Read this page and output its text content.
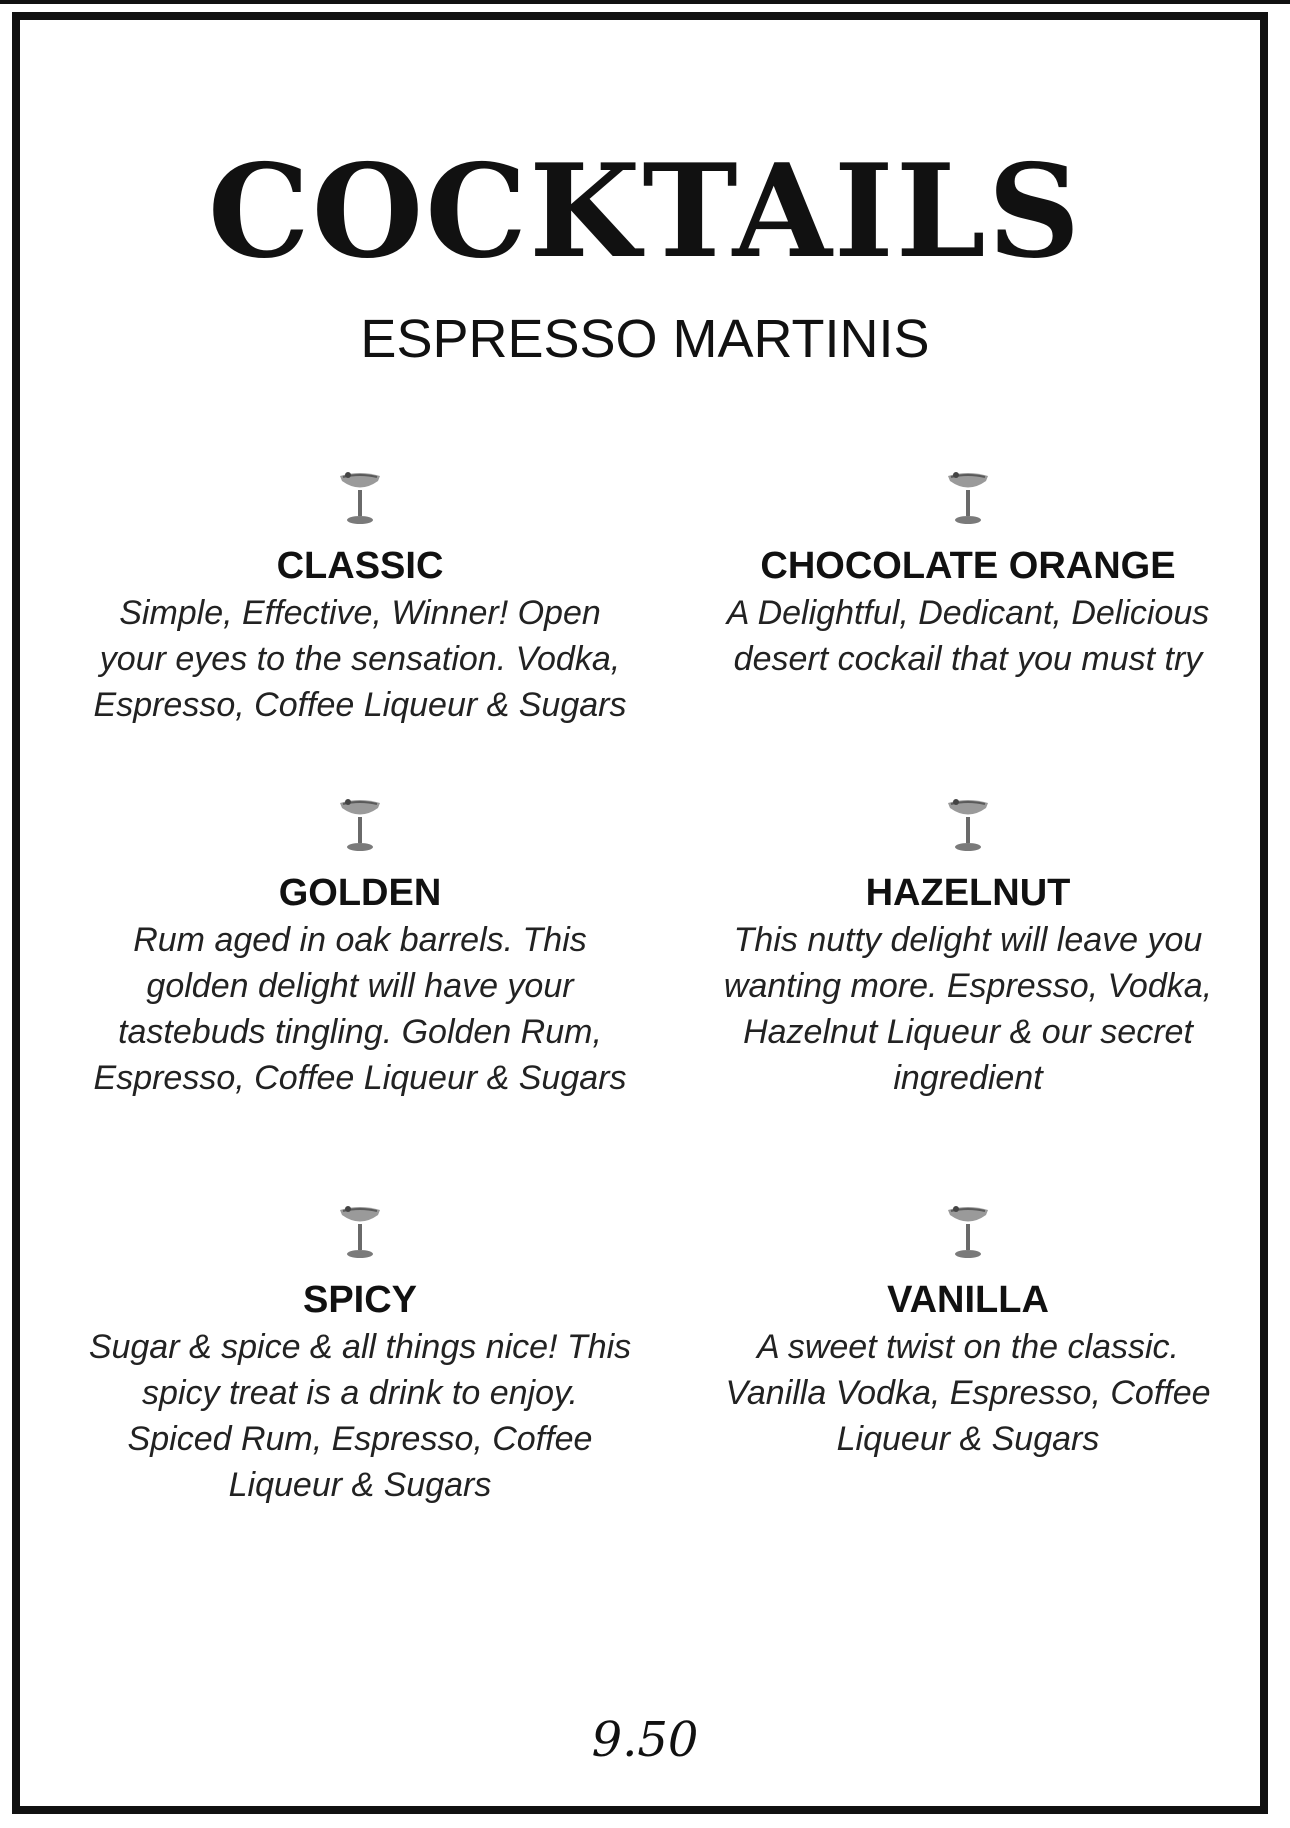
COCKTAILS
ESPRESSO MARTINIS
CLASSIC
Simple, Effective, Winner! Open
your eyes to the sensation. Vodka,
Espresso, Coffee Liqueur & Sugars
CHOCOLATE ORANGE
A Delightful, Dedicant, Delicious
desert cockail that you must try
GOLDEN
Rum aged in oak barrels. This
golden delight will have your
tastebuds tingling. Golden Rum,
Espresso, Coffee Liqueur & Sugars
HAZELNUT
This nutty delight will leave you
wanting more. Espresso, Vodka,
Hazelnut Liqueur & our secret
ingredient
SPICY
Sugar & spice & all things nice! This
spicy treat is a drink to enjoy.
Spiced Rum, Espresso, Coffee
Liqueur & Sugars
VANILLA
A sweet twist on the classic.
Vanilla Vodka, Espresso, Coffee
Liqueur & Sugars
9.50
